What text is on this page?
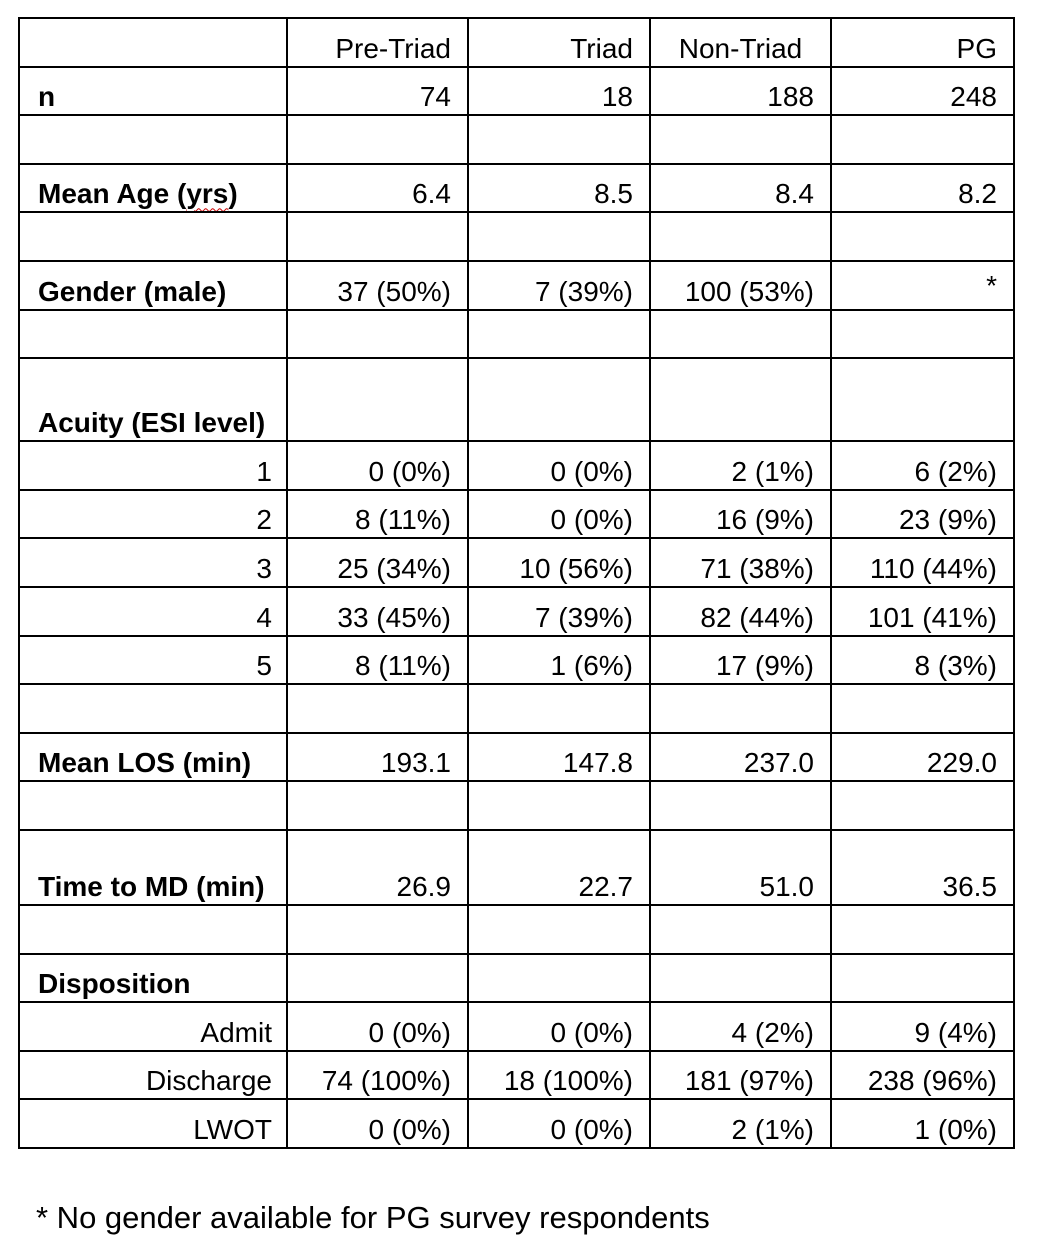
	Pre-Triad	Triad	Non-Triad	PG
n	74	18	188	248

Mean Age (yrs)	6.4	8.5	8.4	8.2

Gender (male)	37 (50%)	7 (39%)	100 (53%)	*

Acuity (ESI level)				
1	0 (0%)	0 (0%)	2 (1%)	6 (2%)
2	8 (11%)	0 (0%)	16 (9%)	23 (9%)
3	25 (34%)	10 (56%)	71 (38%)	110 (44%)
4	33 (45%)	7 (39%)	82 (44%)	101 (41%)
5	8 (11%)	1 (6%)	17 (9%)	8 (3%)

Mean LOS (min)	193.1	147.8	237.0	229.0

Time to MD (min)	26.9	22.7	51.0	36.5

Disposition				
Admit	0 (0%)	0 (0%)	4 (2%)	9 (4%)
Discharge	74 (100%)	18 (100%)	181 (97%)	238 (96%)
LWOT	0 (0%)	0 (0%)	2 (1%)	1 (0%)
* No gender available for PG survey respondents
